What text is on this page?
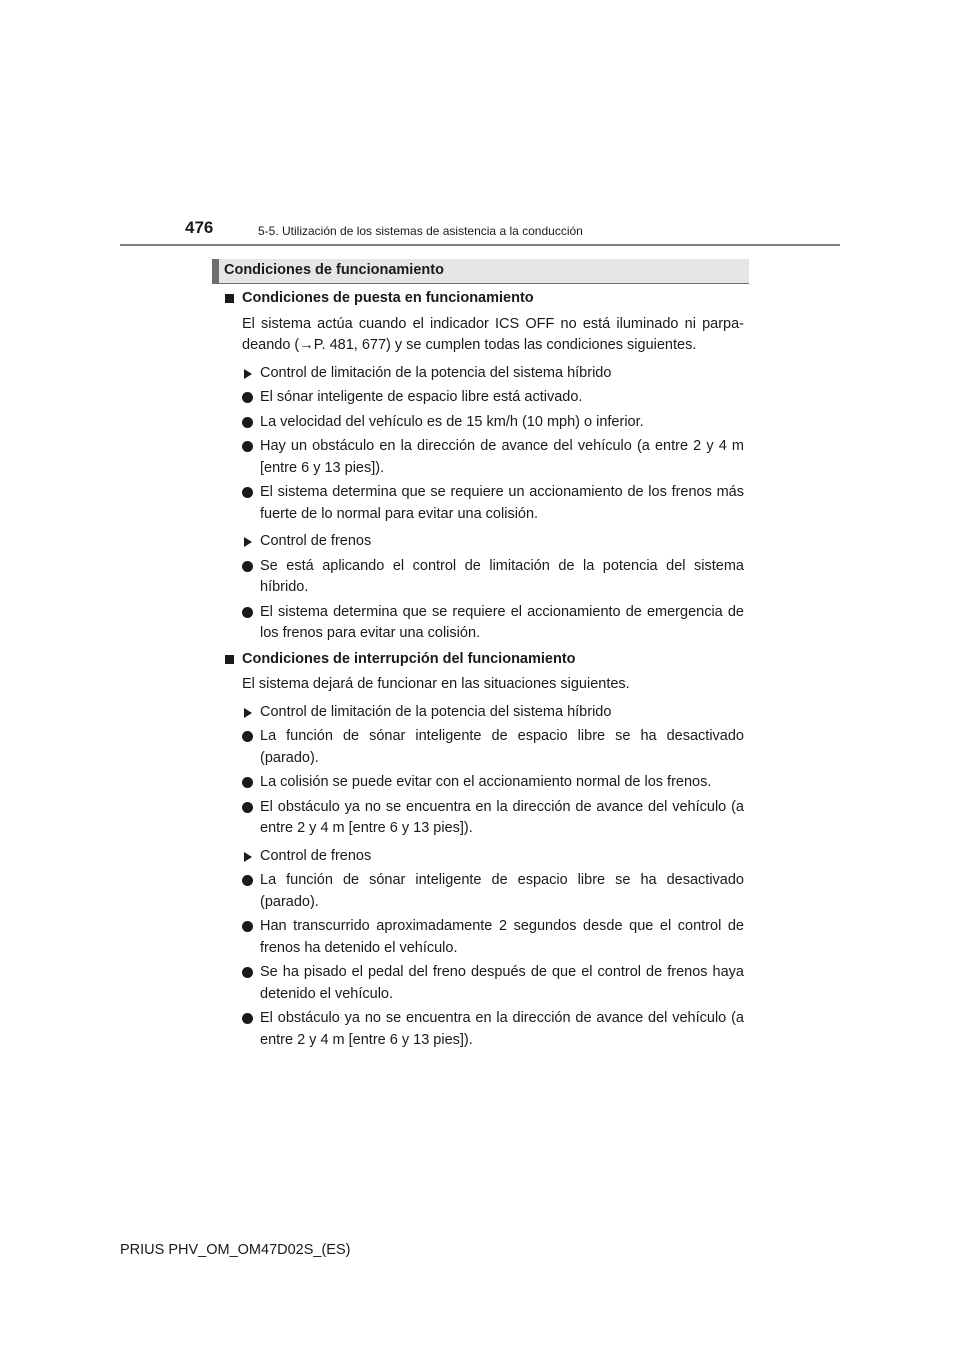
476	5-5. Utilización de los sistemas de asistencia a la conducción
Condiciones de funcionamiento
Condiciones de puesta en funcionamiento
El sistema actúa cuando el indicador ICS OFF no está iluminado ni parpa- deando (→P. 481, 677) y se cumplen todas las condiciones siguientes.
Control de limitación de la potencia del sistema híbrido
El sónar inteligente de espacio libre está activado.
La velocidad del vehículo es de 15 km/h (10 mph) o inferior.
Hay un obstáculo en la dirección de avance del vehículo (a entre 2 y 4 m [entre 6 y 13 pies]).
El sistema determina que se requiere un accionamiento de los frenos más fuerte de lo normal para evitar una colisión.
Control de frenos
Se está aplicando el control de limitación de la potencia del sistema híbrido.
El sistema determina que se requiere el accionamiento de emergencia de los frenos para evitar una colisión.
Condiciones de interrupción del funcionamiento
El sistema dejará de funcionar en las situaciones siguientes.
Control de limitación de la potencia del sistema híbrido
La función de sónar inteligente de espacio libre se ha desactivado (parado).
La colisión se puede evitar con el accionamiento normal de los frenos.
El obstáculo ya no se encuentra en la dirección de avance del vehículo (a entre 2 y 4 m [entre 6 y 13 pies]).
Control de frenos
La función de sónar inteligente de espacio libre se ha desactivado (parado).
Han transcurrido aproximadamente 2 segundos desde que el control de frenos ha detenido el vehículo.
Se ha pisado el pedal del freno después de que el control de frenos haya detenido el vehículo.
El obstáculo ya no se encuentra en la dirección de avance del vehículo (a entre 2 y 4 m [entre 6 y 13 pies]).
PRIUS PHV_OM_OM47D02S_(ES)
